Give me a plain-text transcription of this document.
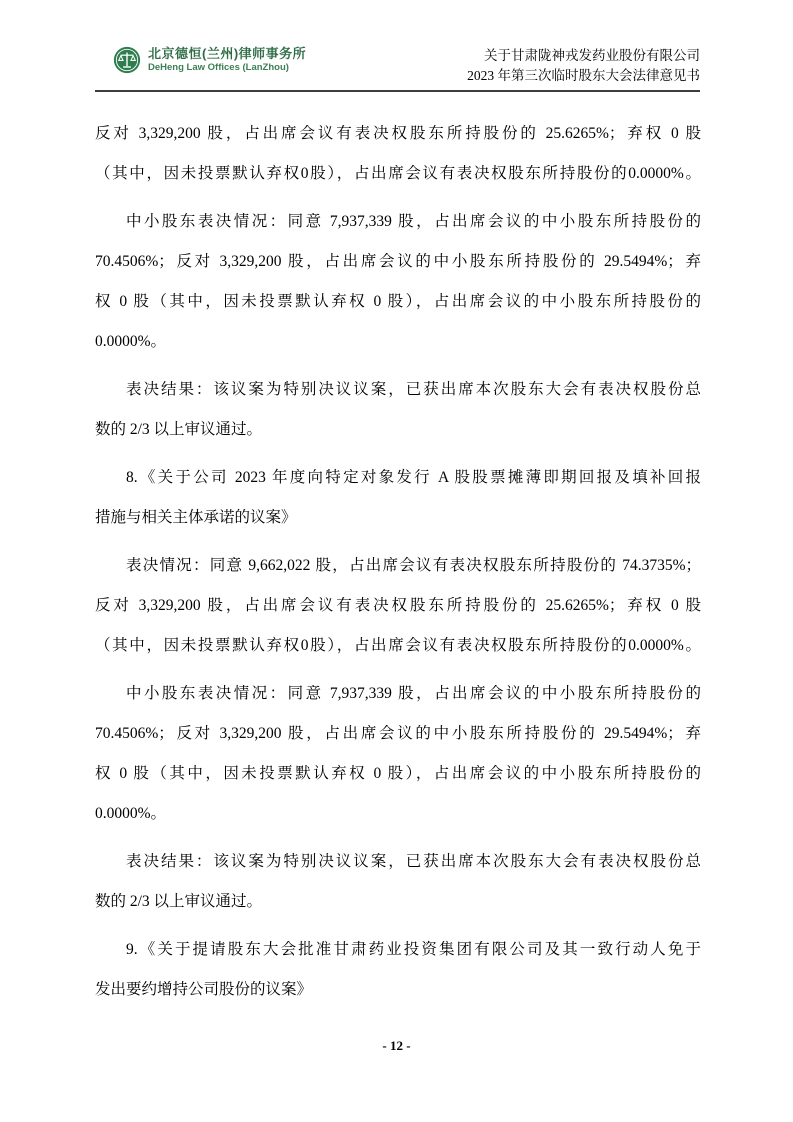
北京德恒(兰州)律师事务所
DeHeng Law Offices (LanZhou)
关于甘肃陇神戎发药业股份有限公司
2023 年第三次临时股东大会法律意见书
反对 3,329,200 股，占出席会议有表决权股东所持股份的 25.6265%；弃权 0 股
（其中，因未投票默认弃权0股），占出席会议有表决权股东所持股份的0.0000%。
中小股东表决情况：同意 7,937,339 股，占出席会议的中小股东所持股份的
70.4506%；反对 3,329,200 股，占出席会议的中小股东所持股份的 29.5494%；弃
权 0 股（其中，因未投票默认弃权 0 股），占出席会议的中小股东所持股份的
0.0000%。
表决结果：该议案为特别决议议案，已获出席本次股东大会有表决权股份总
数的 2/3 以上审议通过。
8.《关于公司 2023 年度向特定对象发行 A 股股票摊薄即期回报及填补回报
措施与相关主体承诺的议案》
表决情况：同意 9,662,022 股，占出席会议有表决权股东所持股份的 74.3735%；
反对 3,329,200 股，占出席会议有表决权股东所持股份的 25.6265%；弃权 0 股
（其中，因未投票默认弃权0股），占出席会议有表决权股东所持股份的0.0000%。
中小股东表决情况：同意 7,937,339 股，占出席会议的中小股东所持股份的
70.4506%；反对 3,329,200 股，占出席会议的中小股东所持股份的 29.5494%；弃
权 0 股（其中，因未投票默认弃权 0 股），占出席会议的中小股东所持股份的
0.0000%。
表决结果：该议案为特别决议议案，已获出席本次股东大会有表决权股份总
数的 2/3 以上审议通过。
9.《关于提请股东大会批准甘肃药业投资集团有限公司及其一致行动人免于
发出要约增持公司股份的议案》
- 12 -
